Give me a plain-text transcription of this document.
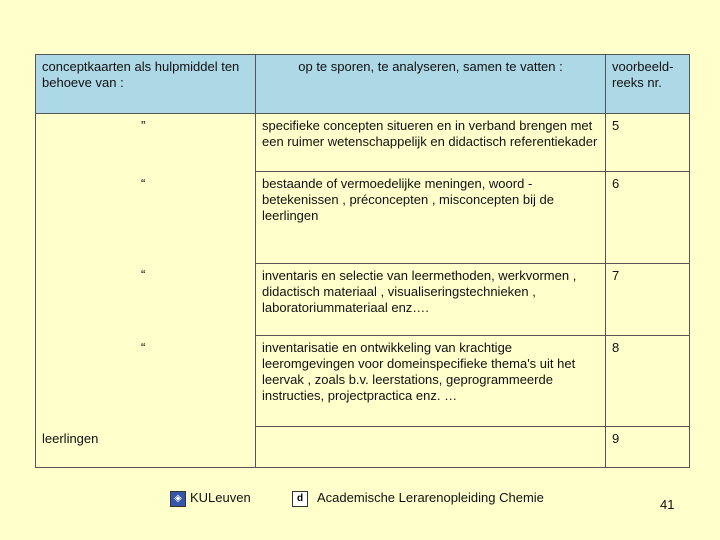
conceptkaarten als hulpmiddel ten behoeve van :	op te sporen, te analyseren, samen te vatten :	voorbeeld- reeks nr.
”	specifieke concepten situeren en in verband brengen met een ruimer wetenschappelijk en didactisch referentiekader	5
“	bestaande of vermoedelijke meningen, woord - betekenissen , préconcepten , misconcepten bij de leerlingen	6
“	inventaris en selectie van leermethoden, werkvormen , didactisch materiaal , visualiseringstechnieken , laboratoriummateriaal enz….	7
“	inventarisatie en ontwikkeling van krachtige leeromgevingen voor domeinspecifieke thema's uit het leervak , zoals b.v. leerstations, geprogrammeerde instructies, projectpractica enz. …	8
leerlingen		9
◈ KULeuven	d	Academische Lerarenopleiding Chemie	41
